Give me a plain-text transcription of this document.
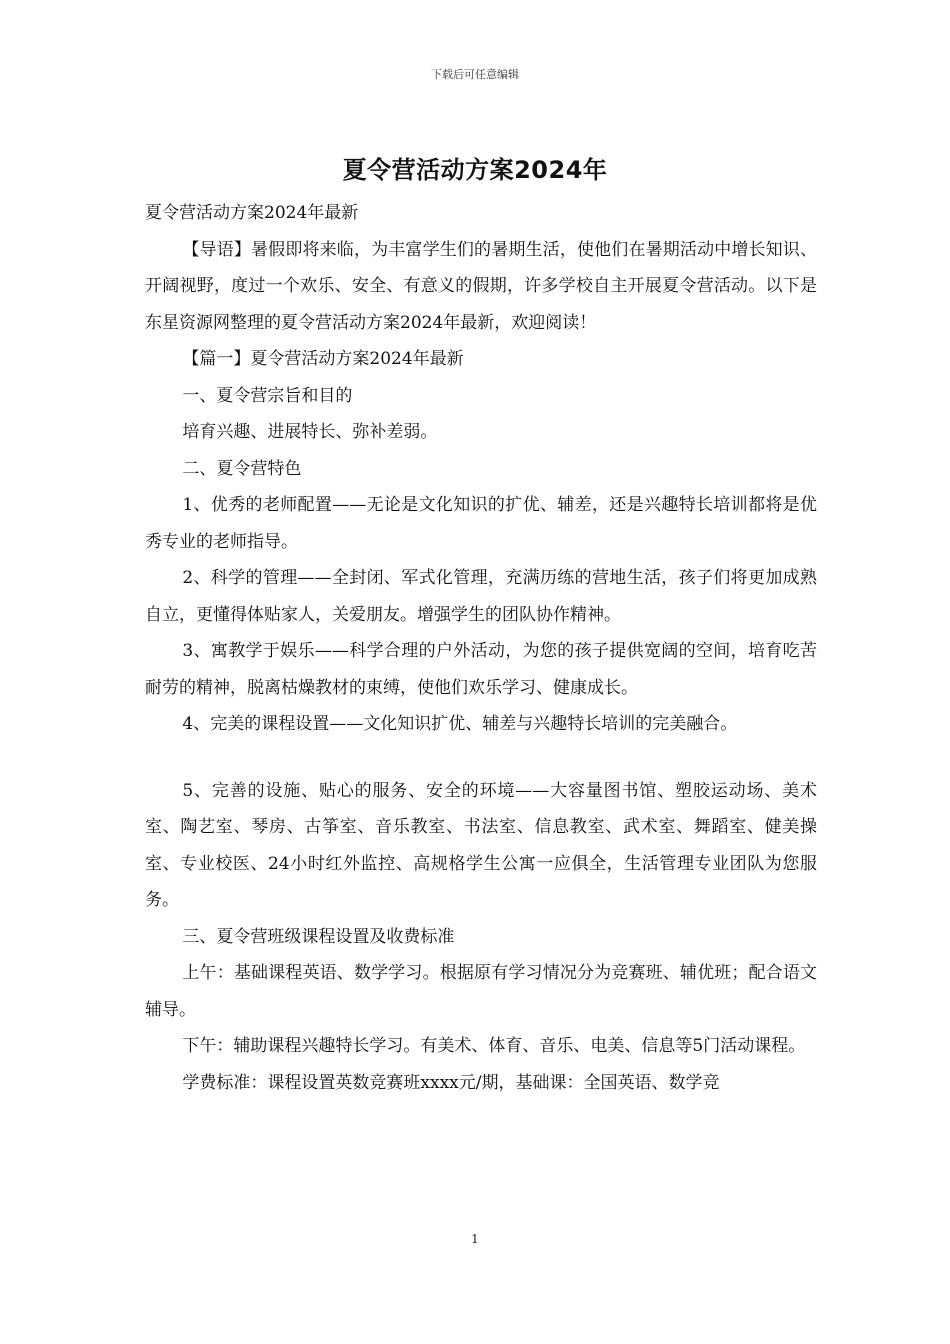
下载后可任意编辑
夏令营活动方案2024年

夏令营活动方案2024年最新

【导语】暑假即将来临，为丰富学生们的暑期生活，使他们在暑期活动中增长知识、开阔视野，度过一个欢乐、安全、有意义的假期，许多学校自主开展夏令营活动。以下是东星资源网整理的夏令营活动方案2024年最新，欢迎阅读！

【篇一】夏令营活动方案2024年最新

一、夏令营宗旨和目的

培育兴趣、进展特长、弥补差弱。

二、夏令营特色

1、优秀的老师配置——无论是文化知识的扩优、辅差，还是兴趣特长培训都将是优秀专业的老师指导。

2、科学的管理——全封闭、军式化管理，充满历练的营地生活，孩子们将更加成熟自立，更懂得体贴家人，关爱朋友。增强学生的团队协作精神。

3、寓教学于娱乐——科学合理的户外活动，为您的孩子提供宽阔的空间，培育吃苦耐劳的精神，脱离枯燥教材的束缚，使他们欢乐学习、健康成长。

4、完美的课程设置——文化知识扩优、辅差与兴趣特长培训的完美融合。

5、完善的设施、贴心的服务、安全的环境——大容量图书馆、塑胶运动场、美术室、陶艺室、琴房、古筝室、音乐教室、书法室、信息教室、武术室、舞蹈室、健美操室、专业校医、24小时红外监控、高规格学生公寓一应俱全，生活管理专业团队为您服务。

三、夏令营班级课程设置及收费标准

上午：基础课程英语、数学学习。根据原有学习情况分为竞赛班、辅优班；配合语文辅导。

下午：辅助课程兴趣特长学习。有美术、体育、音乐、电美、信息等5门活动课程。

学费标准：课程设置英数竞赛班xxxx元/期，基础课：全国英语、数学竞

1
